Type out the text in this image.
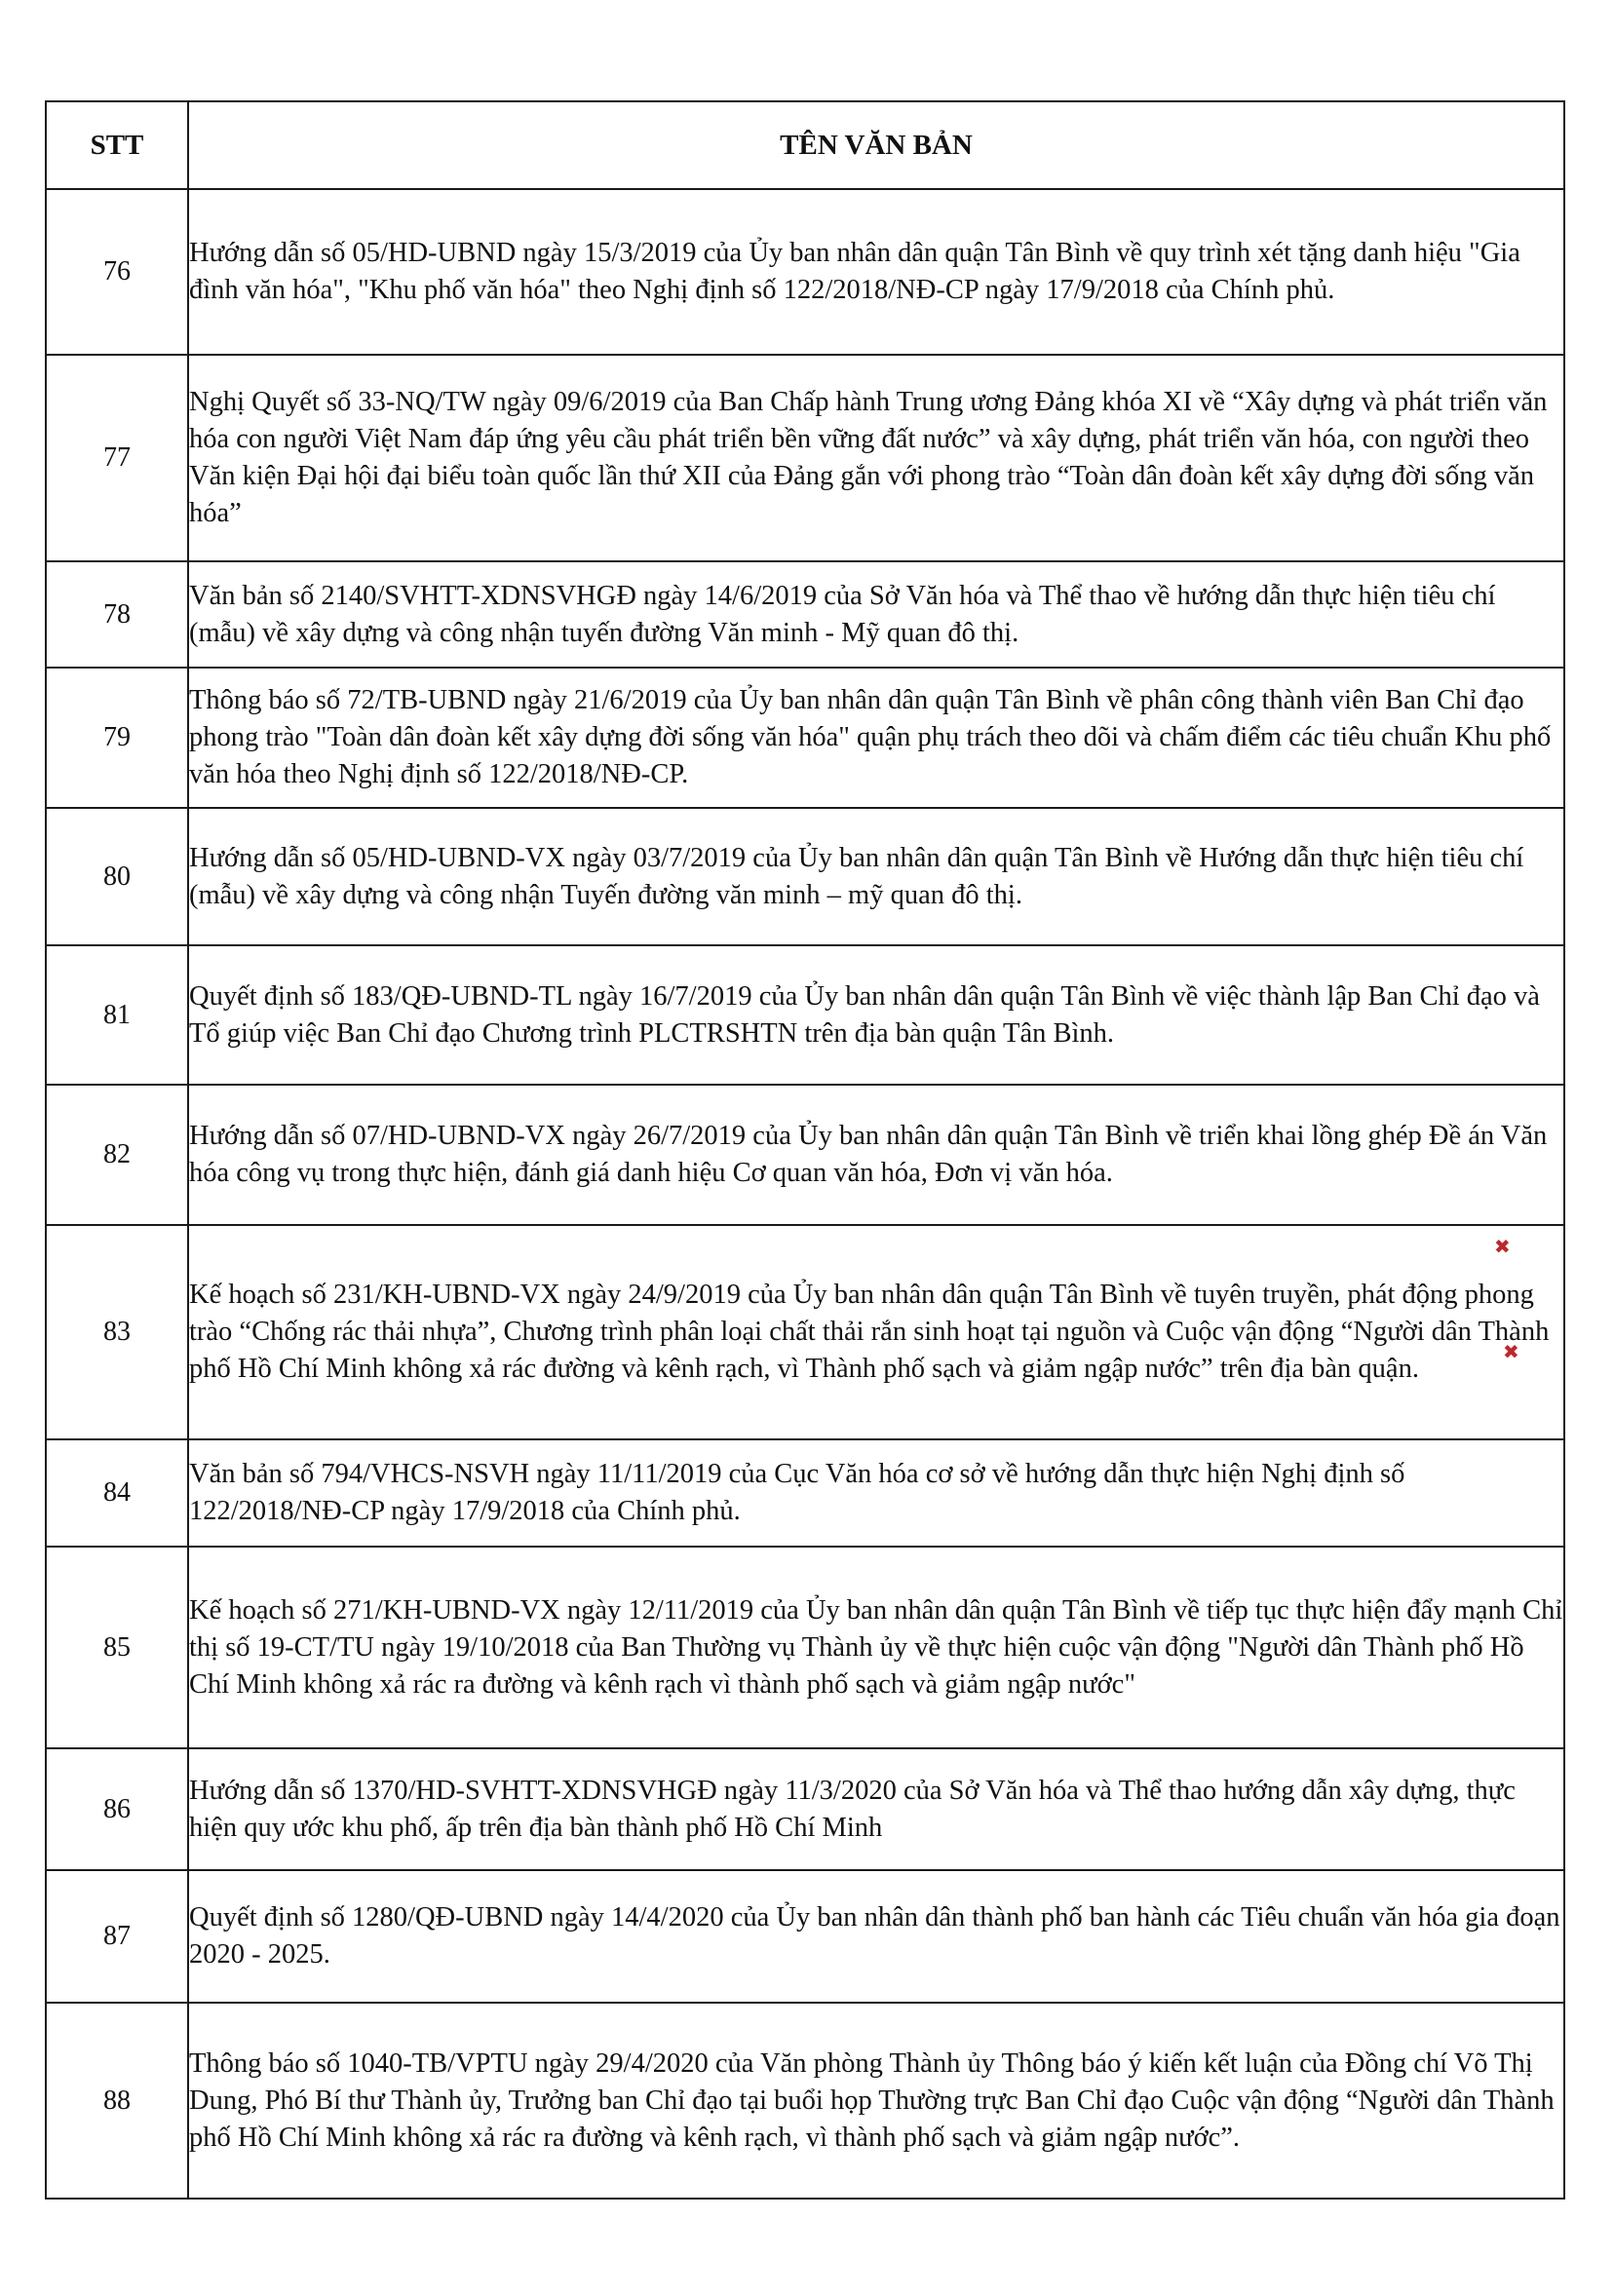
STT	TÊN VĂN BẢN
76	Hướng dẫn số 05/HD-UBND ngày 15/3/2019 của Ủy ban nhân dân quận Tân Bình về quy trình xét tặng danh hiệu "Gia đình văn hóa", "Khu phố văn hóa" theo Nghị định số 122/2018/NĐ-CP ngày 17/9/2018 của Chính phủ.
77	Nghị Quyết số 33-NQ/TW ngày 09/6/2019 của Ban Chấp hành Trung ương Đảng khóa XI về “Xây dựng và phát triển văn hóa con người Việt Nam đáp ứng yêu cầu phát triển bền vững đất nước” và xây dựng, phát triển văn hóa, con người theo Văn kiện Đại hội đại biểu toàn quốc lần thứ XII của Đảng gắn với phong trào “Toàn dân đoàn kết xây dựng đời sống văn hóa”
78	Văn bản số 2140/SVHTT-XDNSVHGĐ ngày 14/6/2019 của Sở Văn hóa và Thể thao về hướng dẫn thực hiện tiêu chí (mẫu) về xây dựng và công nhận tuyến đường Văn minh - Mỹ quan đô thị.
79	Thông báo số 72/TB-UBND ngày 21/6/2019 của Ủy ban nhân dân quận Tân Bình về phân công thành viên Ban Chỉ đạo phong trào "Toàn dân đoàn kết xây dựng đời sống văn hóa" quận phụ trách theo dõi và chấm điểm các tiêu chuẩn Khu phố văn hóa theo Nghị định số 122/2018/NĐ-CP.
80	Hướng dẫn số 05/HD-UBND-VX ngày 03/7/2019 của Ủy ban nhân dân quận Tân Bình về Hướng dẫn thực hiện tiêu chí (mẫu) về xây dựng và công nhận Tuyến đường văn minh – mỹ quan đô thị.
81	Quyết định số 183/QĐ-UBND-TL ngày 16/7/2019 của Ủy ban nhân dân quận Tân Bình về việc thành lập Ban Chỉ đạo và Tổ giúp việc Ban Chỉ đạo Chương trình PLCTRSHTN trên địa bàn quận Tân Bình.
82	Hướng dẫn số 07/HD-UBND-VX ngày 26/7/2019 của Ủy ban nhân dân quận Tân Bình về triển khai lồng ghép Đề án Văn hóa công vụ trong thực hiện, đánh giá danh hiệu Cơ quan văn hóa, Đơn vị văn hóa.
83	Kế hoạch số 231/KH-UBND-VX ngày 24/9/2019 của Ủy ban nhân dân quận Tân Bình về tuyên truyền, phát động phong trào “Chống rác thải nhựa”, Chương trình phân loại chất thải rắn sinh hoạt tại nguồn và Cuộc vận động “Người dân Thành phố Hồ Chí Minh không xả rác đường và kênh rạch, vì Thành phố sạch và giảm ngập nước” trên địa bàn quận.
84	Văn bản số 794/VHCS-NSVH ngày 11/11/2019 của Cục Văn hóa cơ sở về hướng dẫn thực hiện Nghị định số 122/2018/NĐ-CP ngày 17/9/2018 của Chính phủ.
85	Kế hoạch số 271/KH-UBND-VX ngày 12/11/2019 của Ủy ban nhân dân quận Tân Bình về tiếp tục thực hiện đẩy mạnh Chỉ thị số 19-CT/TU ngày 19/10/2018 của Ban Thường vụ Thành ủy về thực hiện cuộc vận động "Người dân Thành phố Hồ Chí Minh không xả rác ra đường và kênh rạch vì thành phố sạch và giảm ngập nước"
86	Hướng dẫn số 1370/HD-SVHTT-XDNSVHGĐ ngày 11/3/2020 của Sở Văn hóa và Thể thao hướng dẫn xây dựng, thực hiện quy ước khu phố, ấp trên địa bàn thành phố Hồ Chí Minh
87	Quyết định số 1280/QĐ-UBND ngày 14/4/2020 của Ủy ban nhân dân thành phố ban hành các Tiêu chuẩn văn hóa gia đoạn 2020 - 2025.
88	Thông báo số 1040-TB/VPTU ngày 29/4/2020 của Văn phòng Thành ủy Thông báo ý kiến kết luận của Đồng chí Võ Thị Dung, Phó Bí thư Thành ủy, Trưởng ban Chỉ đạo tại buổi họp Thường trực Ban Chỉ đạo Cuộc vận động “Người dân Thành phố Hồ Chí Minh không xả rác ra đường và kênh rạch, vì thành phố sạch và giảm ngập nước”.
✖
✖
